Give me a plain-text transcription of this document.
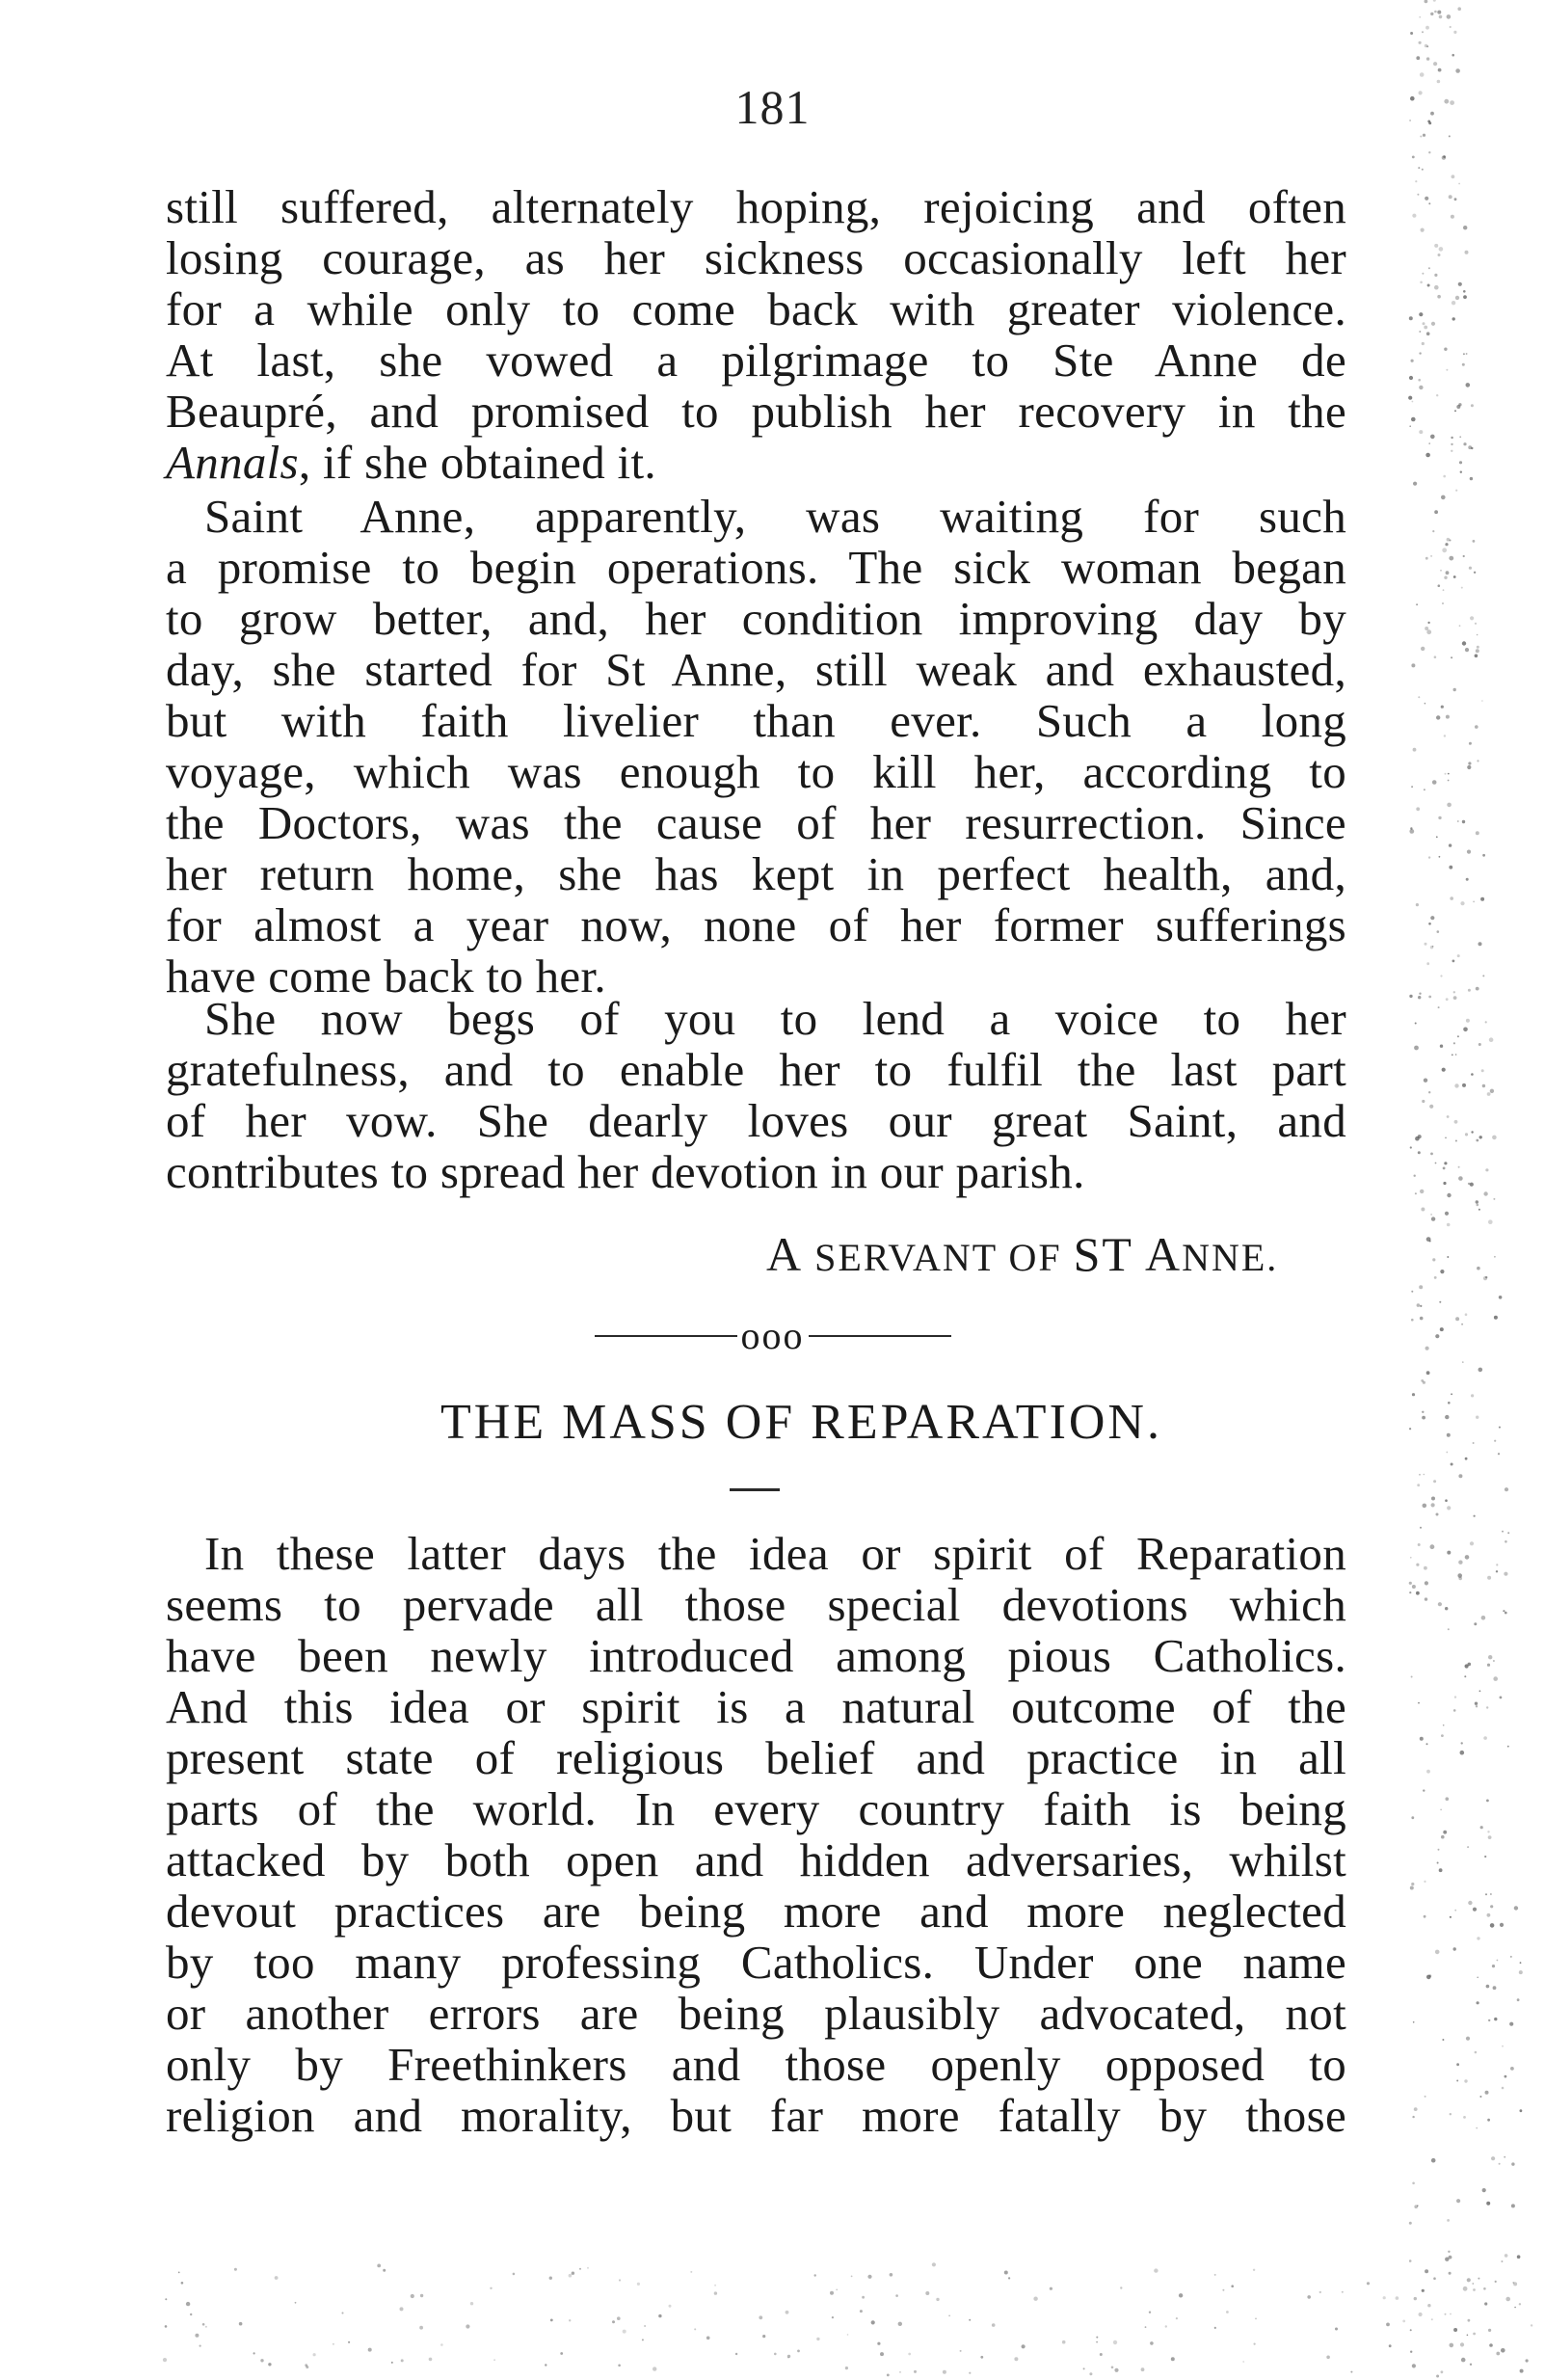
181
still suffered, alternately hoping, rejoicing and often
losing courage, as her sickness occasionally left her
for a while only to come back with greater violence.
At last, she vowed a pilgrimage to Ste Anne de
Beaupré, and promised to publish her recovery in the
Annals, if she obtained it.
Saint Anne, apparently, was waiting for such
a promise to begin operations. The sick woman began
to grow better, and, her condition improving day by
day, she started for St Anne, still weak and exhausted,
but with faith livelier than ever. Such a long
voyage, which was enough to kill her, according to
the Doctors, was the cause of her resurrection. Since
her return home, she has kept in perfect health, and,
for almost a year now, none of her former sufferings
have come back to her.
She now begs of you to lend a voice to her
gratefulness, and to enable her to fulfil the last part
of her vow. She dearly loves our great Saint, and
contributes to spread her devotion in our parish.
A SERVANT OF ST ANNE.
ooo
THE MASS OF REPARATION.
In these latter days the idea or spirit of Reparation
seems to pervade all those special devotions which
have been newly introduced among pious Catholics.
And this idea or spirit is a natural outcome of the
present state of religious belief and practice in all
parts of the world. In every country faith is being
attacked by both open and hidden adversaries, whilst
devout practices are being more and more neglected
by too many professing Catholics. Under one name
or another errors are being plausibly advocated, not
only by Freethinkers and those openly opposed to
religion and morality, but far more fatally by those
